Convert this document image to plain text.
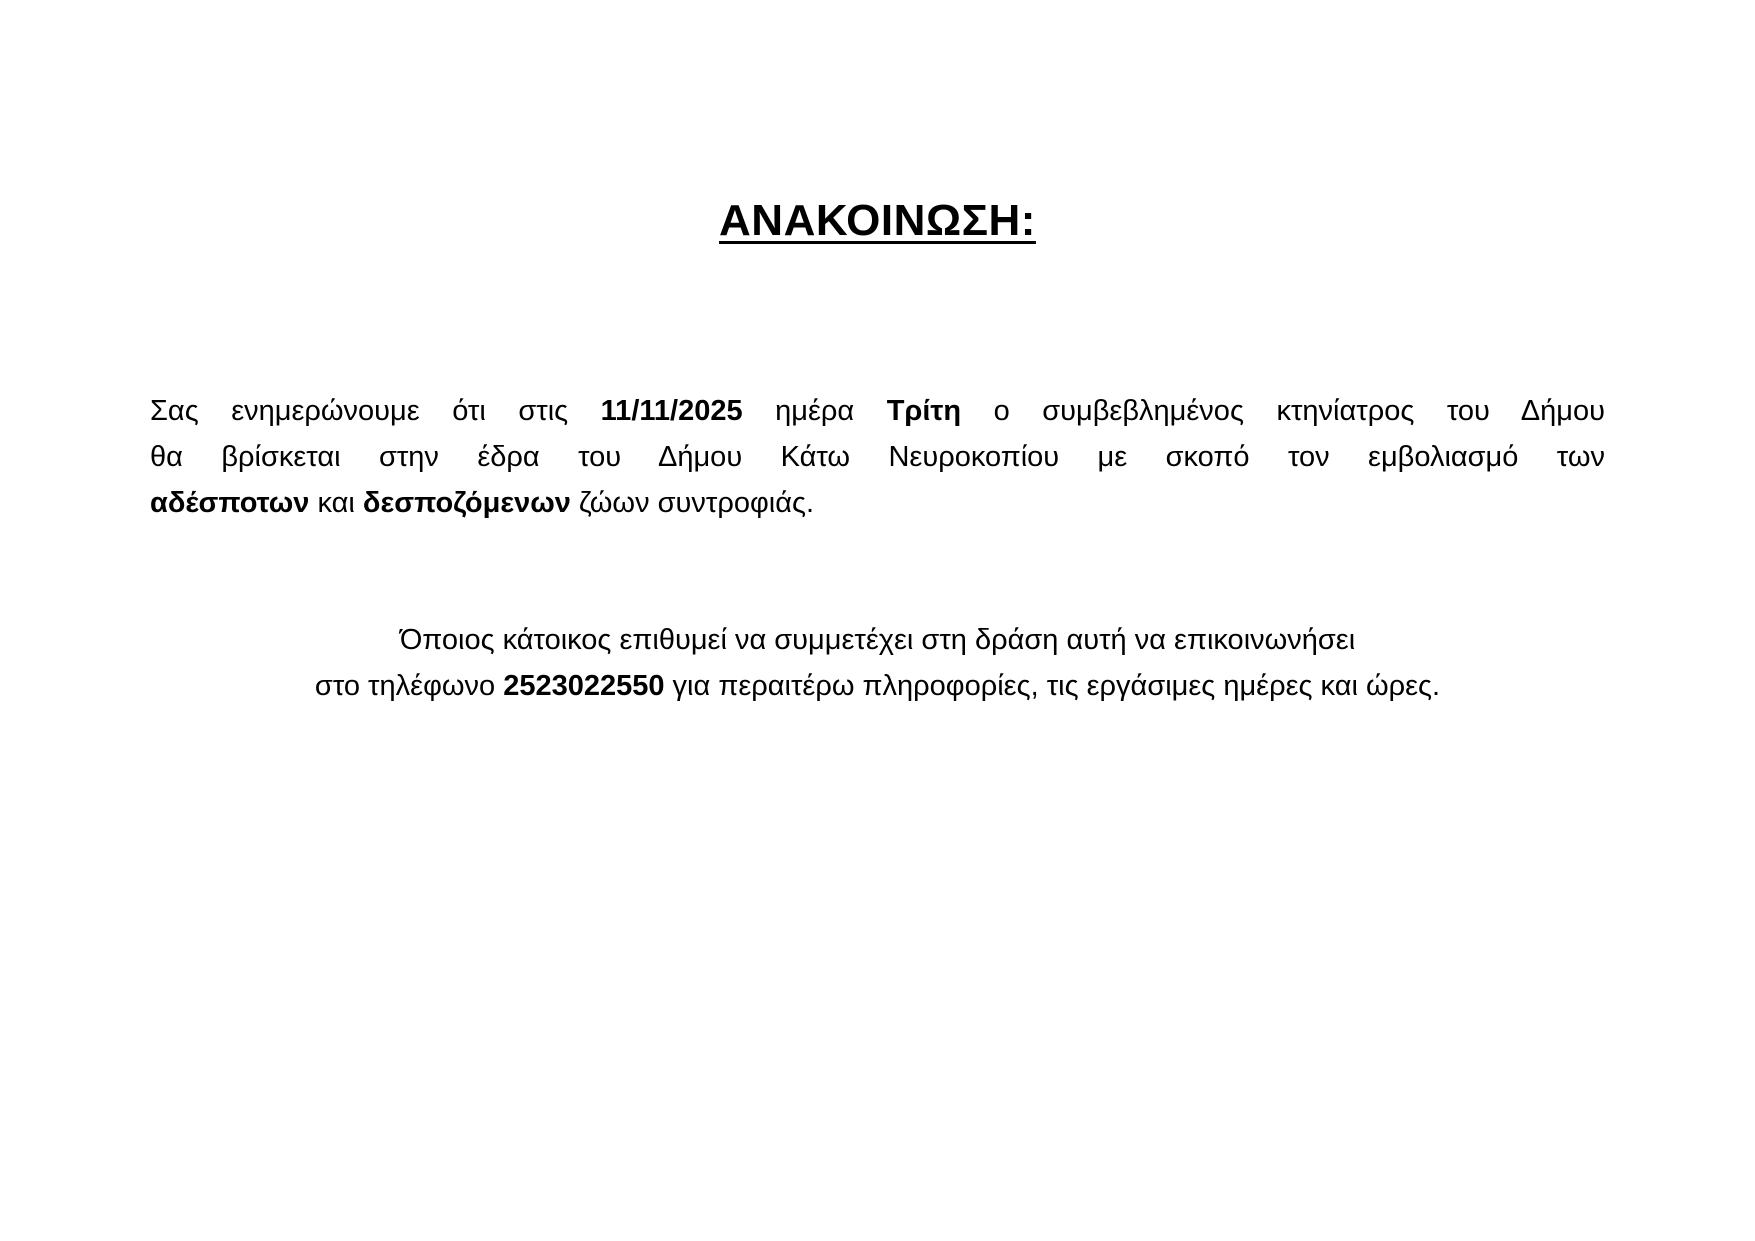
ΑΝΑΚΟΙΝΩΣΗ:
Σας ενημερώνουμε ότι στις 11/11/2025 ημέρα Τρίτη ο συμβεβλημένος κτηνίατρος του Δήμου
θα βρίσκεται στην έδρα του Δήμου Κάτω Νευροκοπίου με σκοπό τον εμβολιασμό των
αδέσποτων και δεσποζόμενων ζώων συντροφιάς.
Όποιος κάτοικος επιθυμεί να συμμετέχει στη δράση αυτή να επικοινωνήσει
στο τηλέφωνο 2523022550 για περαιτέρω πληροφορίες, τις εργάσιμες ημέρες και ώρες.
